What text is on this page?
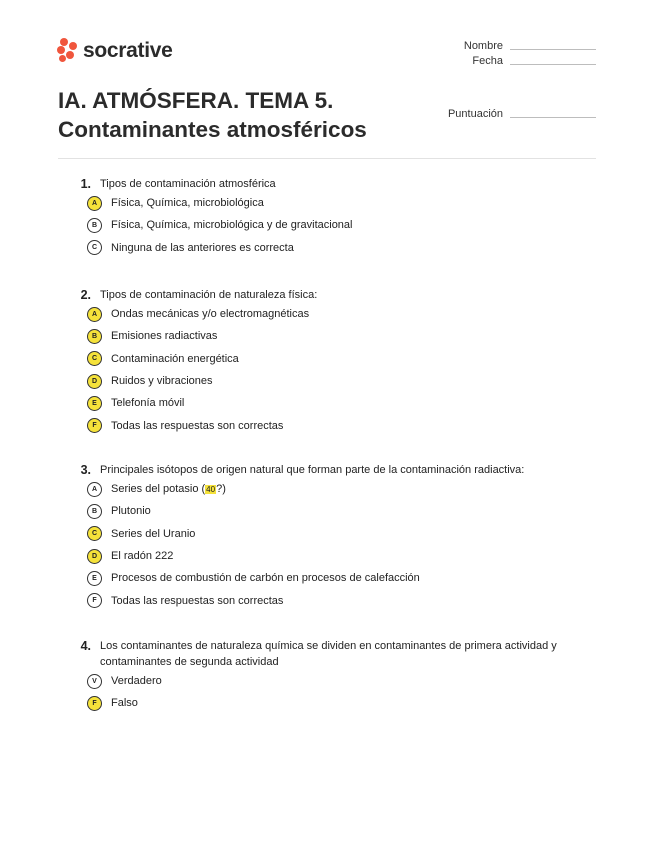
socrative	Nombre
Fecha
Puntuación
IA. ATMÓSFERA. TEMA 5.
Contaminantes atmosféricos
1. Tipos de contaminación atmosférica
A	Física, Química, microbiológica
B	Física, Química, microbiológica y de gravitacional
C	Ninguna de las anteriores es correcta
2. Tipos de contaminación de naturaleza física:
A	Ondas mecánicas y/o electromagnéticas
B	Emisiones radiactivas
C	Contaminación energética
D	Ruidos y vibraciones
E	Telefonía móvil
F	Todas las respuestas son correctas
3. Principales isótopos de origen natural que forman parte de la contaminación radiactiva:
A	Series del potasio (40?)
B	Plutonio
C	Series del Uranio
D	El radón 222
E	Procesos de combustión de carbón en procesos de calefacción
F	Todas las respuestas son correctas
4. Los contaminantes de naturaleza química se dividen en contaminantes de primera actividad y contaminantes de segunda actividad
V	Verdadero
F	Falso
